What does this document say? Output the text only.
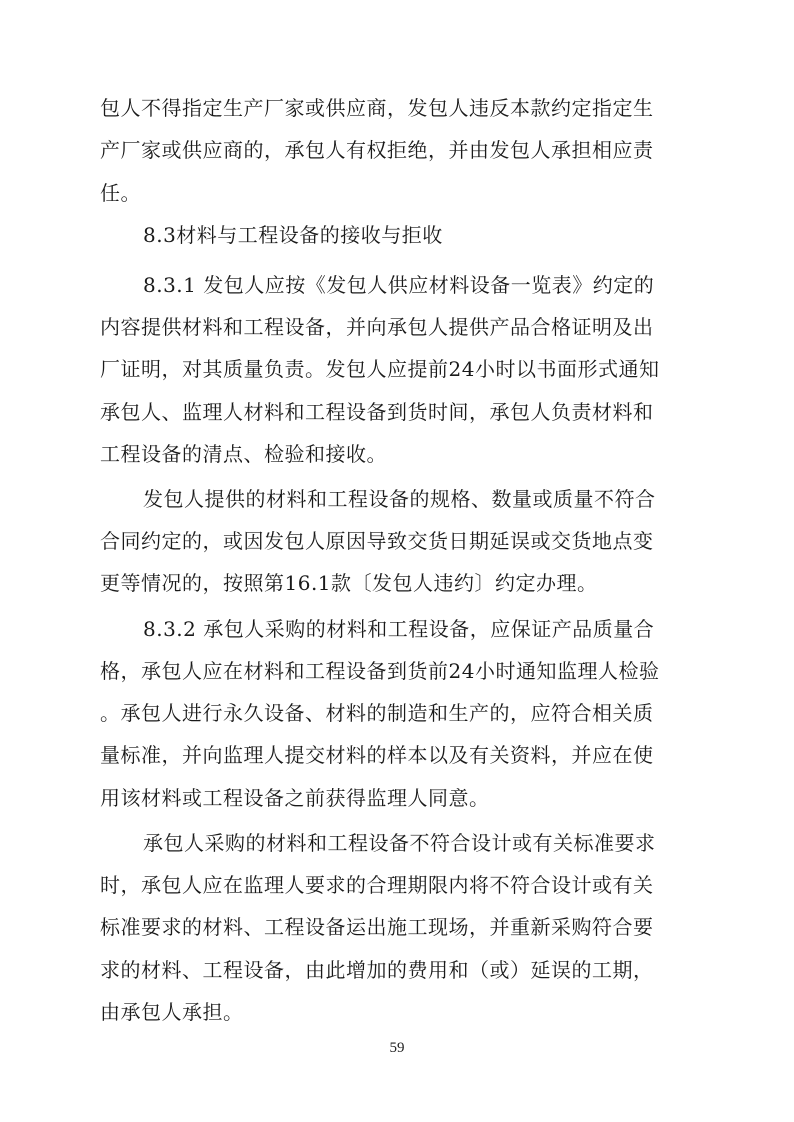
包人不得指定生产厂家或供应商，发包人违反本款约定指定生
产厂家或供应商的，承包人有权拒绝，并由发包人承担相应责
任。
8.3材料与工程设备的接收与拒收
8.3.1 发包人应按《发包人供应材料设备一览表》约定的
内容提供材料和工程设备，并向承包人提供产品合格证明及出
厂证明，对其质量负责。发包人应提前24小时以书面形式通知
承包人、监理人材料和工程设备到货时间，承包人负责材料和
工程设备的清点、检验和接收。
发包人提供的材料和工程设备的规格、数量或质量不符合
合同约定的，或因发包人原因导致交货日期延误或交货地点变
更等情况的，按照第16.1款〔发包人违约〕约定办理。
8.3.2 承包人采购的材料和工程设备，应保证产品质量合
格，承包人应在材料和工程设备到货前24小时通知监理人检验
。承包人进行永久设备、材料的制造和生产的，应符合相关质
量标准，并向监理人提交材料的样本以及有关资料，并应在使
用该材料或工程设备之前获得监理人同意。
承包人采购的材料和工程设备不符合设计或有关标准要求
时，承包人应在监理人要求的合理期限内将不符合设计或有关
标准要求的材料、工程设备运出施工现场，并重新采购符合要
求的材料、工程设备，由此增加的费用和（或）延误的工期，
由承包人承担。
59
